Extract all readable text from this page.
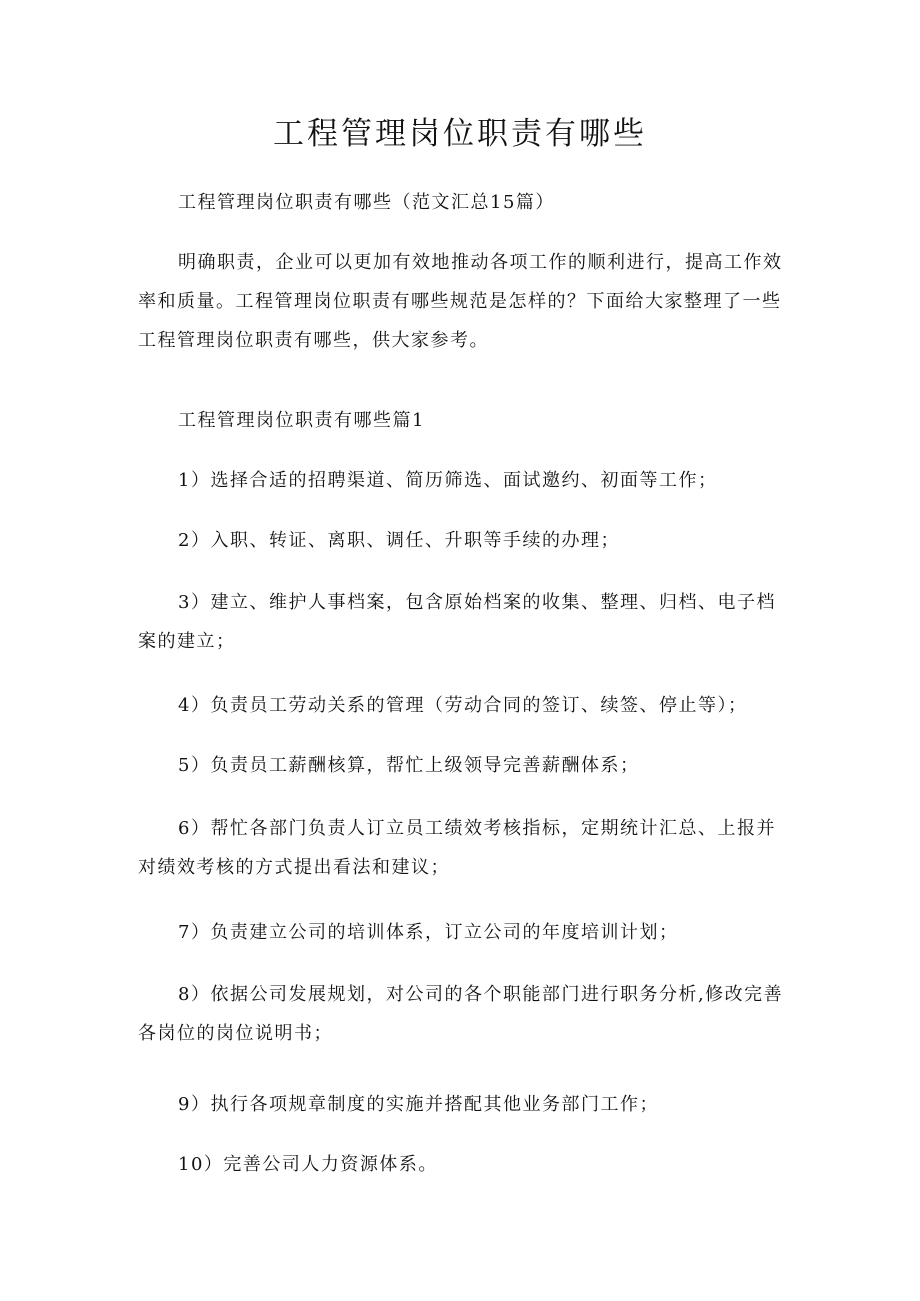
工程管理岗位职责有哪些

工程管理岗位职责有哪些（范文汇总15篇）

明确职责，企业可以更加有效地推动各项工作的顺利进行，提高工作效率和质量。工程管理岗位职责有哪些规范是怎样的？下面给大家整理了一些工程管理岗位职责有哪些，供大家参考。

工程管理岗位职责有哪些篇1

1）选择合适的招聘渠道、简历筛选、面试邀约、初面等工作；

2）入职、转证、离职、调任、升职等手续的办理；

3）建立、维护人事档案，包含原始档案的收集、整理、归档、电子档案的建立；

4）负责员工劳动关系的管理（劳动合同的签订、续签、停止等）；

5）负责员工薪酬核算，帮忙上级领导完善薪酬体系；

6）帮忙各部门负责人订立员工绩效考核指标，定期统计汇总、上报并对绩效考核的方式提出看法和建议；

7）负责建立公司的培训体系，订立公司的年度培训计划；

8）依据公司发展规划，对公司的各个职能部门进行职务分析,修改完善各岗位的岗位说明书；

9）执行各项规章制度的实施并搭配其他业务部门工作；

10）完善公司人力资源体系。
